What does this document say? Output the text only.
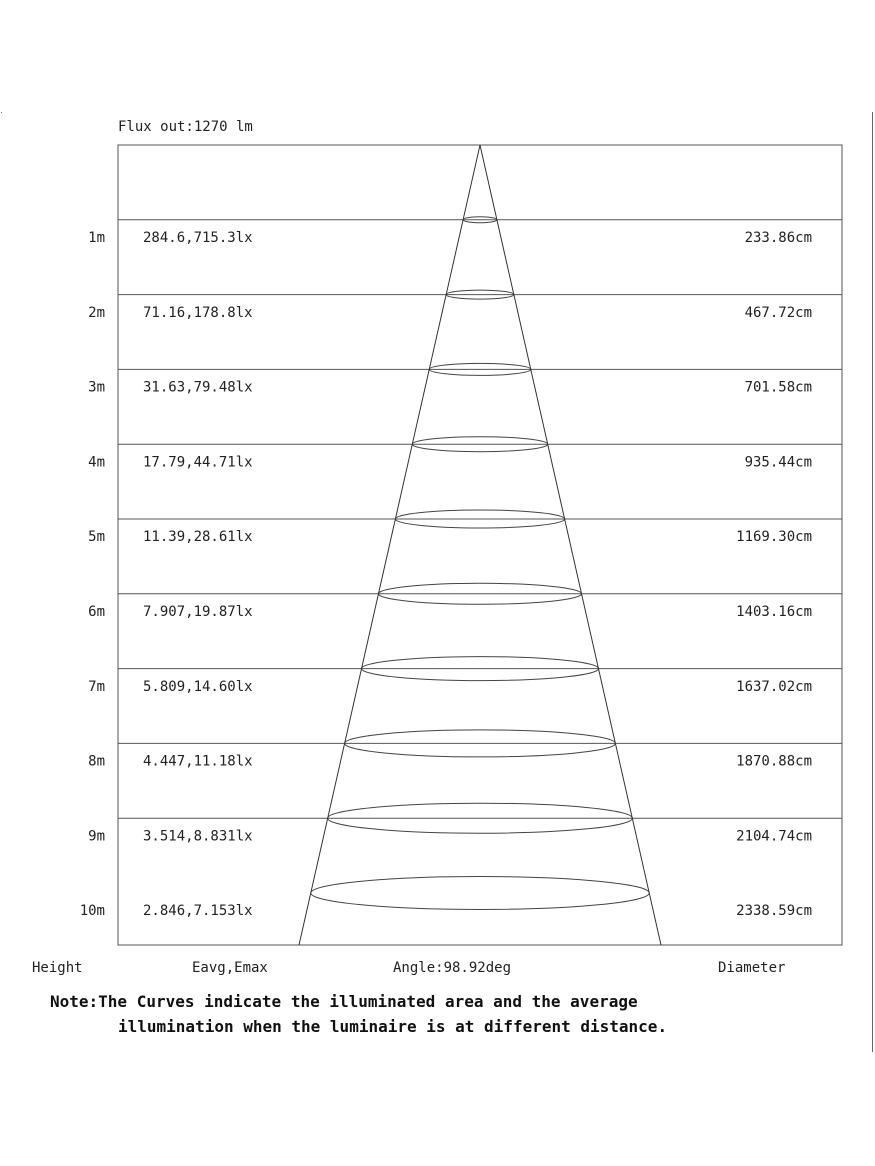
Flux out:1270 lm
1m	284.6,715.3lx	233.86cm
2m	71.16,178.8lx	467.72cm
3m	31.63,79.48lx	701.58cm
4m	17.79,44.71lx	935.44cm
5m	11.39,28.61lx	1169.30cm
6m	7.907,19.87lx	1403.16cm
7m	5.809,14.60lx	1637.02cm
8m	4.447,11.18lx	1870.88cm
9m	3.514,8.831lx	2104.74cm
10m	2.846,7.153lx	2338.59cm
Height	Eavg,Emax	Angle:98.92deg	Diameter
Note:The Curves indicate the illuminated area and the average
illumination when the luminaire is at different distance.
